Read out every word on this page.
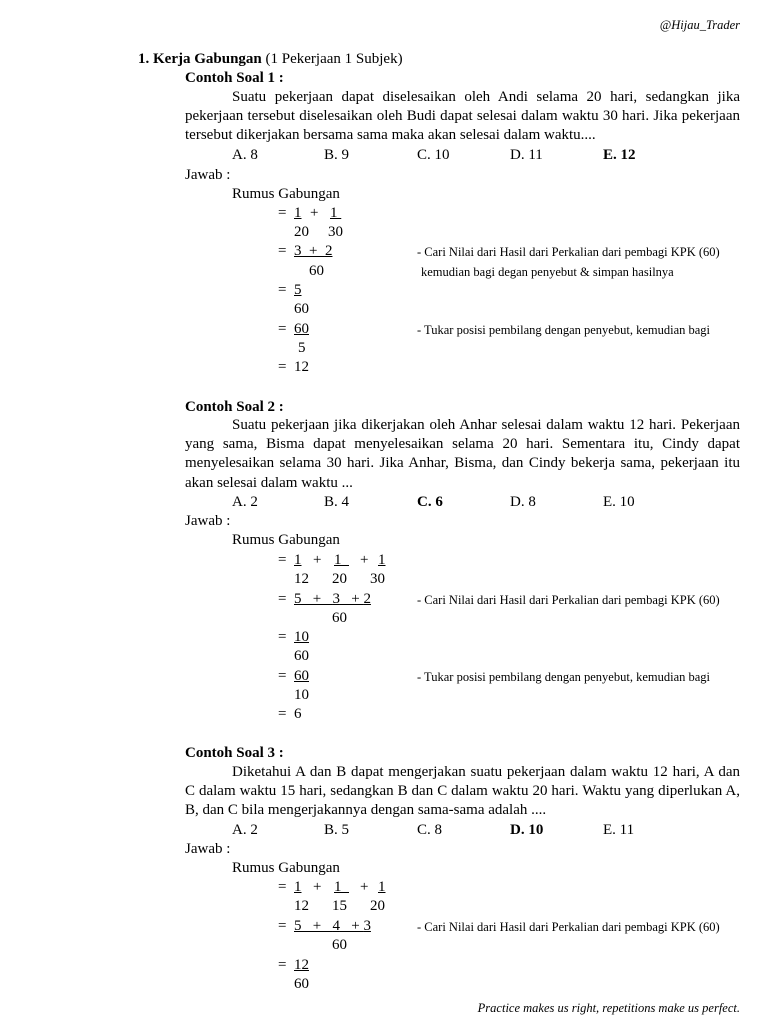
@Hijau_Trader
1. Kerja Gabungan (1 Pekerjaan 1 Subjek)
Contoh Soal 1 :
Suatu pekerjaan dapat diselesaikan oleh Andi selama 20 hari, sedangkan jika pekerjaan tersebut diselesaikan oleh Budi dapat selesai dalam waktu 30 hari. Jika pekerjaan tersebut dikerjakan bersama sama maka akan selesai dalam waktu....
A. 8	B. 9	C. 10	D. 11	E. 12
Jawab :
Rumus Gabungan
= 1 + 1
20 30
= 3  +  2
60
- Cari Nilai dari Hasil dari Perkalian dari pembagi KPK (60)
kemudian bagi degan penyebut & simpan hasilnya
= 5
60
= 60
5
- Tukar posisi pembilang dengan penyebut, kemudian bagi
= 12
Contoh Soal 2 :
Suatu pekerjaan jika dikerjakan oleh Anhar selesai dalam waktu 12 hari. Pekerjaan yang sama, Bisma dapat menyelesaikan selama 20 hari. Sementara itu, Cindy dapat menyelesaikan selama 30 hari. Jika Anhar, Bisma, dan Cindy bekerja sama, pekerjaan itu akan selesai dalam waktu ...
A. 2	B. 4	C. 6	D. 8	E. 10
Jawab :
Rumus Gabungan
= 1 + 1	+ 1
12 20 30
= 5   +   3   + 2
60
- Cari Nilai dari Hasil dari Perkalian dari pembagi KPK (60)
= 10
60
= 60
10
- Tukar posisi pembilang dengan penyebut, kemudian bagi
= 6
Contoh Soal 3 :
Diketahui A dan B dapat mengerjakan suatu pekerjaan dalam waktu 12 hari, A dan C dalam waktu 15 hari, sedangkan B dan C dalam waktu 20 hari. Waktu yang diperlukan A, B, dan C bila mengerjakannya dengan sama-sama adalah ....
A. 2	B. 5	C. 8	D. 10	E. 11
Jawab :
Rumus Gabungan
= 1 + 1	+ 1
12 15 20
= 5   +   4   + 3
60
- Cari Nilai dari Hasil dari Perkalian dari pembagi KPK (60)
= 12
60
Practice makes us right, repetitions make us perfect.
